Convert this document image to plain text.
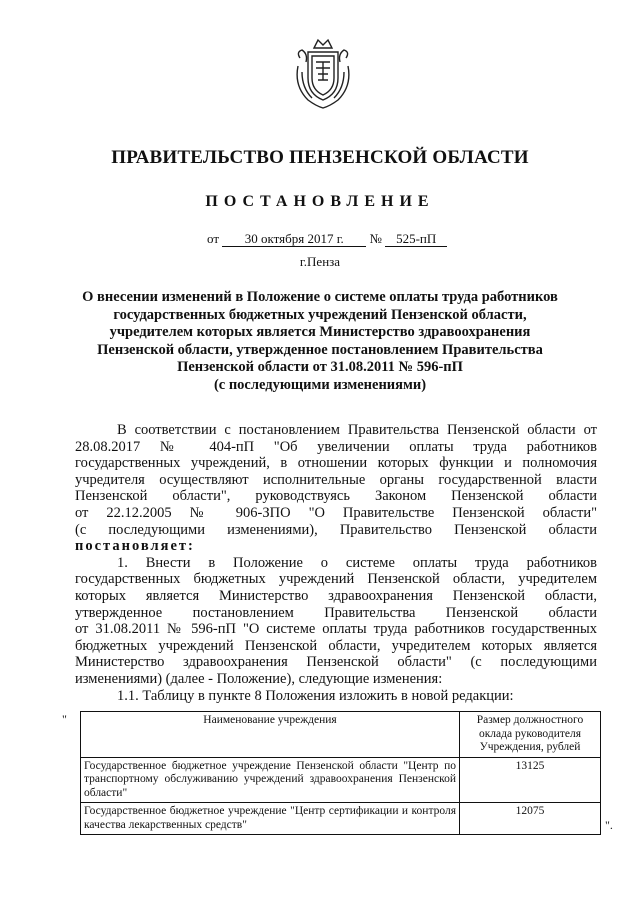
ПРАВИТЕЛЬСТВО ПЕНЗЕНСКОЙ ОБЛАСТИ
ПОСТАНОВЛЕНИЕ
от 30 октября 2017 г. № 525-пП
г.Пенза
О внесении изменений в Положение о системе оплаты труда работников
государственных бюджетных учреждений Пензенской области,
учредителем которых является Министерство здравоохранения
Пензенской области, утвержденное постановлением Правительства
Пензенской области от 31.08.2011 № 596-пП
(с последующими изменениями)
В соответствии с постановлением Правительства Пензенской области от
28.08.2017 № 404-пП "Об увеличении оплаты труда работников
государственных учреждений, в отношении которых функции и полномочия
учредителя осуществляют исполнительные органы государственной власти
Пензенской области", руководствуясь Законом Пензенской области
от 22.12.2005 № 906-ЗПО "О Правительстве Пензенской области"
(с последующими изменениями), Правительство Пензенской области
постановляет:
1. Внести в Положение о системе оплаты труда работников
государственных бюджетных учреждений Пензенской области, учредителем
которых является Министерство здравоохранения Пензенской области,
утвержденное постановлением Правительства Пензенской области
от 31.08.2011 № 596-пП "О системе оплаты труда работников государственных
бюджетных учреждений Пензенской области, учредителем которых является
Министерство здравоохранения Пензенской области" (с последующими
изменениями) (далее - Положение), следующие изменения:
1.1. Таблицу в пункте 8 Положения изложить в новой редакции:
"	Наименование учреждения	Размер должностного оклада руководителя Учреждения, рублей
Государственное бюджетное учреждение Пензенской области "Центр по транспортному обслуживанию учреждений здравоохранения Пензенской области"	13125
Государственное бюджетное учреждение "Центр сертификации и контроля качества лекарственных средств"	12075
".
